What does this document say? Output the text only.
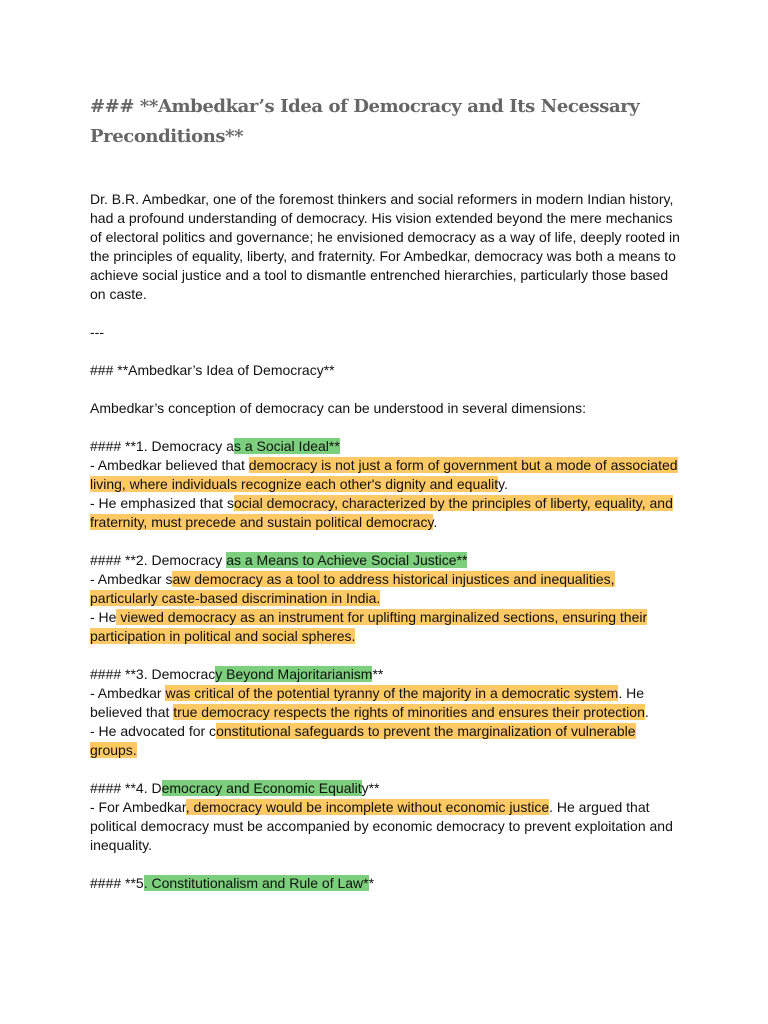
### **Ambedkar’s Idea of Democracy and Its Necessary Preconditions**

Dr. B.R. Ambedkar, one of the foremost thinkers and social reformers in modern Indian history,

had a profound understanding of democracy. His vision extended beyond the mere mechanics

of electoral politics and governance; he envisioned democracy as a way of life, deeply rooted in

the principles of equality, liberty, and fraternity. For Ambedkar, democracy was both a means to

achieve social justice and a tool to dismantle entrenched hierarchies, particularly those based

on caste.

---

### **Ambedkar’s Idea of Democracy**

Ambedkar’s conception of democracy can be understood in several dimensions:

#### **1. Democracy as a Social Ideal**

- Ambedkar believed that democracy is not just a form of government but a mode of associated

living, where individuals recognize each other's dignity and equality.

- He emphasized that social democracy, characterized by the principles of liberty, equality, and

fraternity, must precede and sustain political democracy.

#### **2. Democracy as a Means to Achieve Social Justice**

- Ambedkar saw democracy as a tool to address historical injustices and inequalities,

particularly caste-based discrimination in India.

- He viewed democracy as an instrument for uplifting marginalized sections, ensuring their

participation in political and social spheres.

#### **3. Democracy Beyond Majoritarianism**

- Ambedkar was critical of the potential tyranny of the majority in a democratic system. He

believed that true democracy respects the rights of minorities and ensures their protection.

- He advocated for constitutional safeguards to prevent the marginalization of vulnerable

groups.

#### **4. Democracy and Economic Equality**

- For Ambedkar, democracy would be incomplete without economic justice. He argued that

political democracy must be accompanied by economic democracy to prevent exploitation and

inequality.

#### **5. Constitutionalism and Rule of Law**
